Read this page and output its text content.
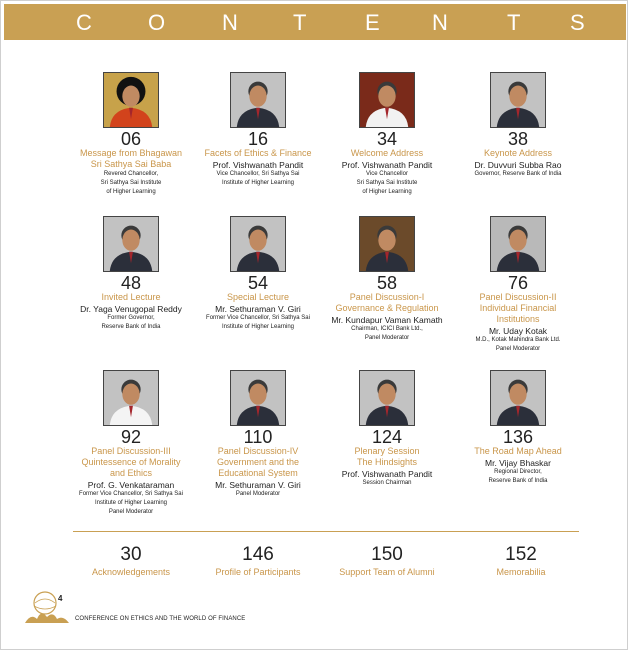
C	O	N	T	E N	T S
06
Message from Bhagawan
Sri Sathya Sai Baba
Revered Chancellor,
Sri Sathya Sai Institute
of Higher Learning
16
Facets of Ethics & Finance
Prof. Vishwanath Pandit
Vice Chancellor, Sri Sathya Sai
Institute of Higher Learning
34
Welcome Address
Prof. Vishwanath Pandit
Vice Chancellor
Sri Sathya Sai Institute
of Higher Learning
38
Keynote Address
Dr. Duvvuri Subba Rao
Governor, Reserve Bank of India
48
Invited Lecture
Dr. Yaga Venugopal Reddy
Former Governor,
Reserve Bank of India
54
Special Lecture
Mr. Sethuraman V. Giri
Former Vice Chancellor, Sri Sathya Sai
Institute of Higher Learning
58
Panel Discussion-I
Governance & Regulation
Mr. Kundapur Vaman Kamath
Chairman, ICICI Bank Ltd.,
Panel Moderator
76
Panel Discussion-II
Individual Financial
Institutions
Mr. Uday Kotak
M.D., Kotak Mahindra Bank Ltd.
Panel Moderator
92
Panel Discussion-III
Quintessence of Morality
and Ethics
Prof. G. Venkataraman
Former Vice Chancellor, Sri Sathya Sai
Institute of Higher Learning
Panel Moderator
110
Panel Discussion-IV
Government and the
Educational System
Mr. Sethuraman V. Giri
Panel Moderator
124
Plenary Session
The Hindsights
Prof. Vishwanath Pandit
Session Chairman
136
The Road Map Ahead
Mr. Vijay Bhaskar
Regional Director,
Reserve Bank of India
30
Acknowledgements
146
Profile of Participants
150
Support Team of Alumni
152
Memorabilia
4
CONFERENCE ON ETHICS AND THE WORLD OF FINANCE
